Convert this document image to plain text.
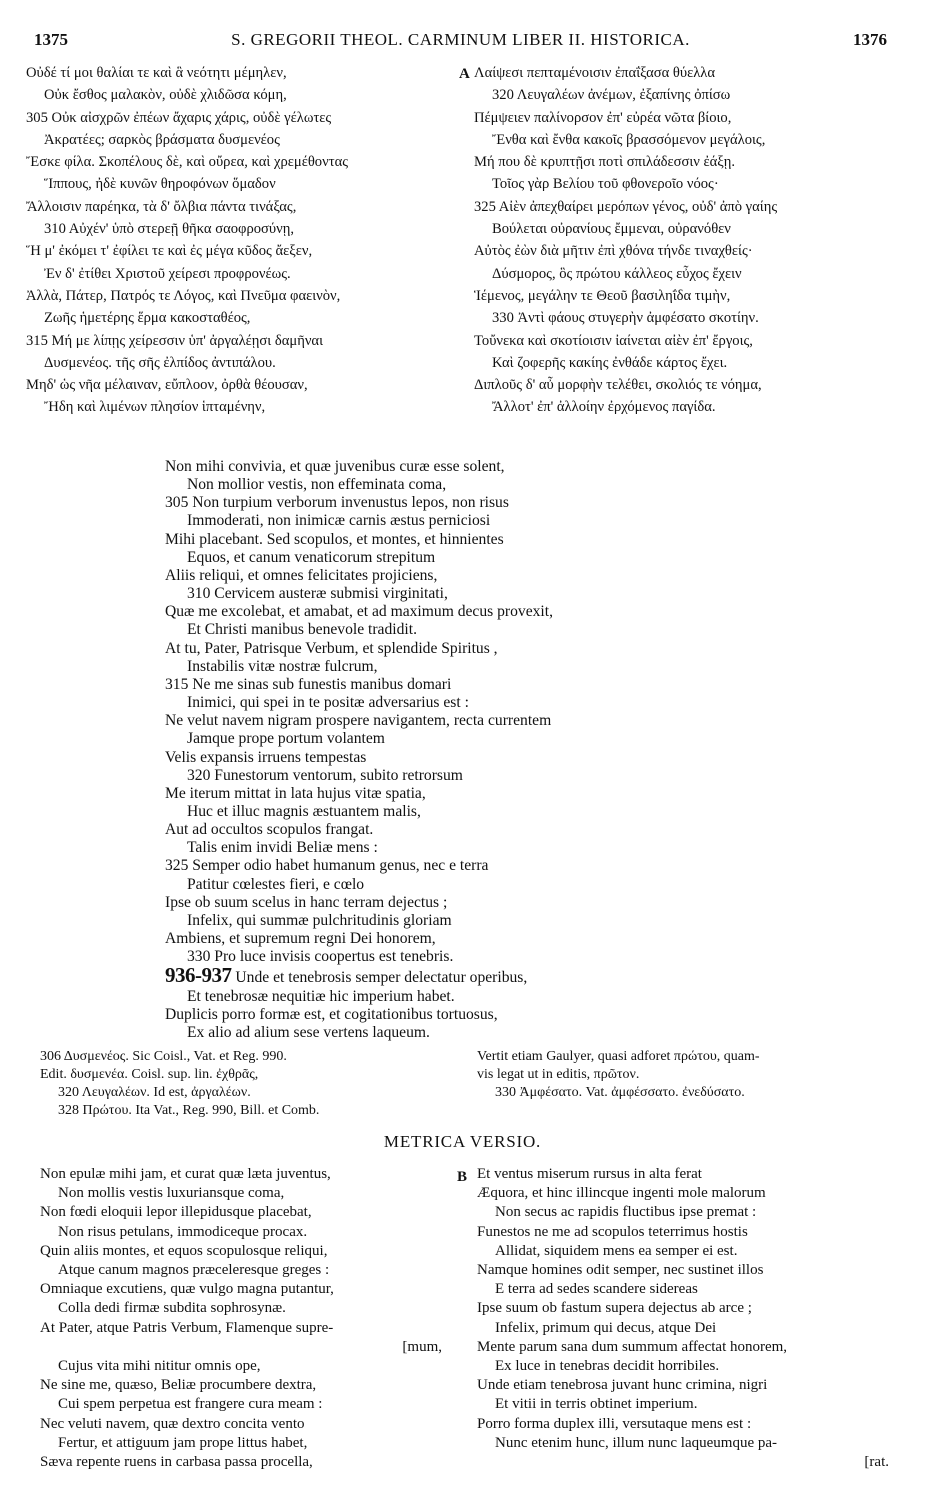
1375	S. GREGORII THEOL. CARMINUM LIBER II. HISTORICA.	1376
Οὐδέ τί μοι θαλίαι τε καὶ ἃ νεότητι μέμηλεν,
Οὐκ ἔσθος μαλακὸν, οὐδὲ χλιδῶσα κόμη,
305 Οὐκ αἰσχρῶν ἐπέων ἄχαρις χάρις, οὐδὲ γέλωτες
Ἀκρατέες; σαρκὸς βράσματα δυσμενέος
Ἔσκε φίλα. Σκοπέλους δὲ, καὶ οὔρεα, καὶ χρεμέθοντας
Ἵππους, ἠδὲ κυνῶν θηροφόνων ὅμαδον
Ἄλλοισιν παρέηκα, τὰ δ' ὄλβια πάντα τινάξας,
310 Αὐχέν' ὑπὸ στερεῇ θῆκα σαοφροσύνῃ,
Ἥ μ' ἐκόμει τ' ἐφίλει τε καὶ ἐς μέγα κῦδος ἄεξεν,
Ἐν δ' ἐτίθει Χριστοῦ χείρεσι προφρονέως.
Ἀλλὰ, Πάτερ, Πατρός τε Λόγος, καὶ Πνεῦμα φαεινὸν,
Ζωῆς ἡμετέρης ἕρμα κακοσταθέος,
315 Μή με λίπῃς χείρεσσιν ὑπ' ἀργαλέῃσι δαμῆναι
Δυσμενέος. τῆς σῆς ἐλπίδος ἀντιπάλου.
Μηδ' ὡς νῆα μέλαιναν, εὔπλοον, ὀρθὰ θέουσαν,
Ἤδη καὶ λιμένων πλησίον ἱπταμένην,
A Λαίψεσι πεπταμένοισιν ἐπαΐξασα θύελλα
320 Λευγαλέων ἀνέμων, ἐξαπίνης ὀπίσω
Πέμψειεν παλίνορσον ἐπ' εὐρέα νῶτα βίοιο,
Ἔνθα καὶ ἔνθα κακοῖς βρασσόμενον μεγάλοις,
Μή που δὲ κρυπτῇσι ποτὶ σπιλάδεσσιν ἐάξῃ.
Τοῖος γὰρ Βελίου τοῦ φθονεροῖο νόος·
325 Αἰὲν ἀπεχθαίρει μερόπων γένος, οὐδ' ἀπὸ γαίης
Βούλεται οὐρανίους ἔμμεναι, οὐρανόθεν
Αὐτὸς ἐὼν διὰ μῆτιν ἐπὶ χθόνα τήνδε τιναχθείς·
Δύσμορος, ὃς πρώτου κάλλεος εὖχος ἔχειν
Ἱέμενος, μεγάλην τε Θεοῦ βασιληΐδα τιμὴν,
330 Ἀντὶ φάους στυγερὴν ἀμφέσατο σκοτίην.
Τοὔνεκα καὶ σκοτίοισιν ἰαίνεται αἰὲν ἐπ' ἔργοις,
Καὶ ζοφερῆς κακίης ἐνθάδε κάρτος ἔχει.
Διπλοῦς δ' αὖ μορφὴν τελέθει, σκολιός τε νόημα,
Ἄλλοτ' ἐπ' ἀλλοίην ἐρχόμενος παγίδα.
Non mihi convivia, et quæ juvenibus curæ esse solent,
Non mollior vestis, non effeminata coma,
305 Non turpium verborum invenustus lepos, non risus
Immoderati, non inimicæ carnis æstus perniciosi
Mihi placebant. Sed scopulos, et montes, et hinnientes
Equos, et canum venaticorum strepitum
Aliis reliqui, et omnes felicitates projiciens,
310 Cervicem austeræ submisi virginitati,
Quæ me excolebat, et amabat, et ad maximum decus provexit,
Et Christi manibus benevole tradidit.
At tu, Pater, Patrisque Verbum, et splendide Spiritus ,
Instabilis vitæ nostræ fulcrum,
315 Ne me sinas sub funestis manibus domari
Inimici, qui spei in te positæ adversarius est :
Ne velut navem nigram prospere navigantem, recta currentem
Jamque prope portum volantem
Velis expansis irruens tempestas
320 Funestorum ventorum, subito retrorsum
Me iterum mittat in lata hujus vitæ spatia,
Huc et illuc magnis æstuantem malis,
Aut ad occultos scopulos frangat.
Talis enim invidi Beliæ mens :
325 Semper odio habet humanum genus, nec e terra
Patitur cœlestes fieri, e cœlo
Ipse ob suum scelus in hanc terram dejectus ;
Infelix, qui summæ pulchritudinis gloriam
Ambiens, et supremum regni Dei honorem,
330 Pro luce invisis coopertus est tenebris.
936-937 Unde et tenebrosis semper delectatur operibus,
Et tenebrosæ nequitiæ hic imperium habet.
Duplicis porro formæ est, et cogitationibus tortuosus,
Ex alio ad alium sese vertens laqueum.
306 Δυσμενέος. Sic Coisl., Vat. et Reg. 990.
Edit. δυσμενέα. Coisl. sup. lin. ἐχθρᾶς,
320 Λευγαλέων. Id est, ἀργαλέων.
328 Πρώτου. Ita Vat., Reg. 990, Bill. et Comb.
Vertit etiam Gaulyer, quasi adforet πρώτου, quam-
vis legat ut in editis, πρῶτον.
330 Ἀμφέσατο. Vat. ἀμφέσσατο. ἐνεδύσατο.
METRICA VERSIO.
Non epulæ mihi jam, et curat quæ læta juventus,
Non mollis vestis luxuriansque coma,
Non fœdi eloquii lepor illepidusque placebat,
Non risus petulans, immodiceque procax.
Quin aliis montes, et equos scopulosque reliqui,
Atque canum magnos præceleresque greges :
Omniaque excutiens, quæ vulgo magna putantur,
Colla dedi firmæ subdita sophrosynæ.
At Pater, atque Patris Verbum, Flamenque supre-
[mum,
Cujus vita mihi nititur omnis ope,
Ne sine me, quæso, Beliæ procumbere dextra,
Cui spem perpetua est frangere cura meam :
Nec veluti navem, quæ dextro concita vento
Fertur, et attiguum jam prope littus habet,
Sæva repente ruens in carbasa passa procella,
B Et ventus miserum rursus in alta ferat
Æquora, et hinc illincque ingenti mole malorum
Non secus ac rapidis fluctibus ipse premat :
Funestos ne me ad scopulos teterrimus hostis
Allidat, siquidem mens ea semper ei est.
Namque homines odit semper, nec sustinet illos
E terra ad sedes scandere sidereas
Ipse suum ob fastum supera dejectus ab arce ;
Infelix, primum qui decus, atque Dei
Mente parum sana dum summum affectat honorem,
Ex luce in tenebras decidit horribiles.
Unde etiam tenebrosa juvant hunc crimina, nigri
Et vitii in terris obtinet imperium.
Porro forma duplex illi, versutaque mens est :
Nunc etenim hunc, illum nunc laqueumque pa-
[rat.
